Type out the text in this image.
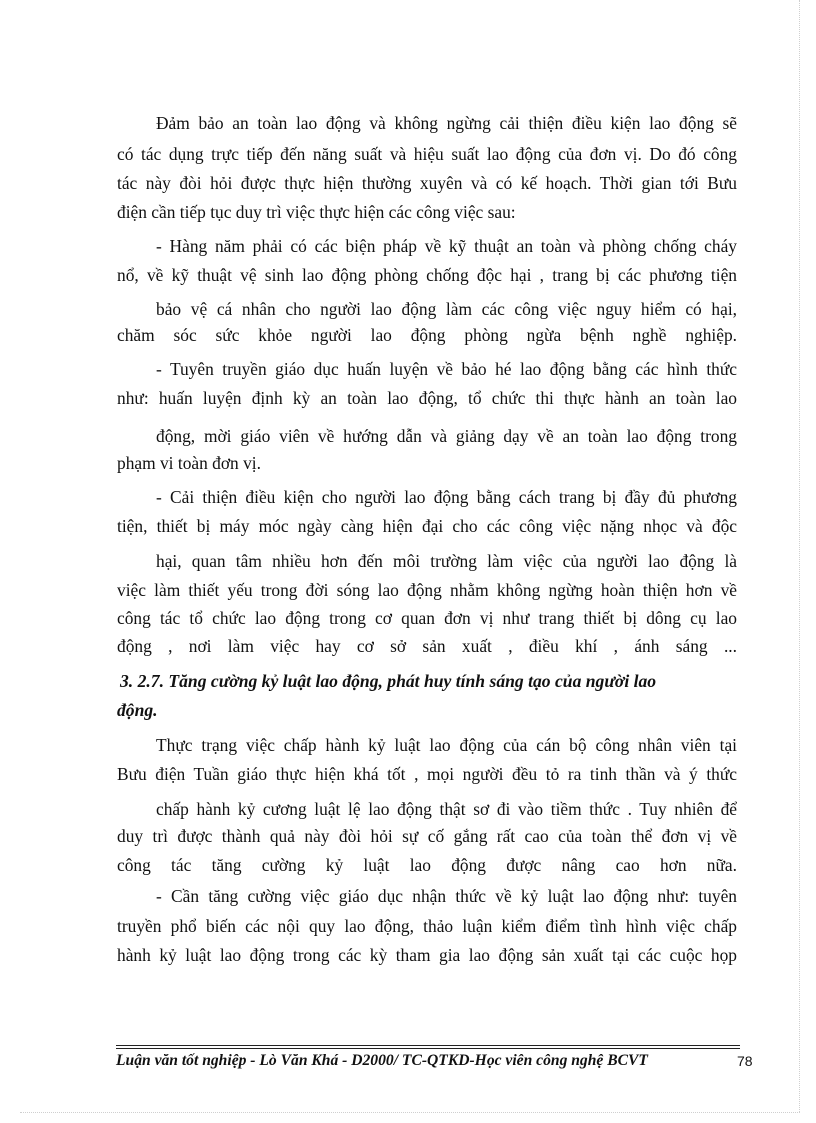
Đảm bảo an toàn lao động và không ngừng cải thiện điều kiện lao động sẽ
có tác dụng trực tiếp đến năng suất và hiệu suất lao động của đơn vị. Do đó công
tác này đòi hỏi được thực hiện thường xuyên và có kế hoạch. Thời gian tới Bưu
điện cần tiếp tục duy trì việc thực hiện các công việc sau:
- Hàng năm phải có các biện pháp về kỹ thuật an toàn và phòng chống cháy
nổ, về kỹ thuật vệ sinh lao động phòng chống độc hại , trang bị các phương tiện
bảo vệ cá nhân cho người lao động làm các công việc nguy hiểm có hại,
chăm sóc sức khỏe người lao động phòng ngừa bệnh nghề nghiệp.
- Tuyên truyền giáo dục huấn luyện về bảo hé lao động bằng các hình thức
như: huấn luyện định kỳ an toàn lao động, tổ chức thi thực hành an toàn lao
động, mời giáo viên về hướng dẫn và giảng dạy về an toàn lao động trong
phạm vi toàn đơn vị.
- Cải thiện điều kiện cho người lao động bằng cách trang bị đầy đủ phương
tiện, thiết bị máy móc ngày càng hiện đại cho các công việc nặng nhọc và độc
hại, quan tâm nhiều hơn đến môi trường làm việc của người lao động là
việc làm thiết yếu trong đời sóng lao động nhằm không ngừng hoàn thiện hơn về
công tác tổ chức lao động trong cơ quan đơn vị như trang thiết bị dông cụ lao
động , nơi làm việc hay cơ sở sản xuất , điều khí , ánh sáng ...
3. 2.7. Tăng cường kỷ luật lao động, phát huy tính sáng tạo của người lao
động.
Thực trạng việc chấp hành kỷ luật lao động của cán bộ công nhân viên tại
Bưu điện Tuần giáo thực hiện khá tốt , mọi người đều tỏ ra tinh thần và ý thức
chấp hành kỷ cương luật lệ lao động thật sơ đi vào tiềm thức . Tuy nhiên để
duy trì được thành quả này đòi hỏi sự cố gắng rất cao của toàn thể đơn vị về
công tác tăng cường kỷ luật lao động được nâng cao hơn nữa.
- Cần tăng cường việc giáo dục nhận thức về kỷ luật lao động như: tuyên
truyền phổ biến các nội quy lao động, thảo luận kiểm điểm tình hình việc chấp
hành kỷ luật lao động trong các kỳ tham gia lao động sản xuất tại các cuộc họp
Luận văn tốt nghiệp - Lò Văn Khá - D2000/ TC-QTKD-Học viên công nghệ BCVT	78
